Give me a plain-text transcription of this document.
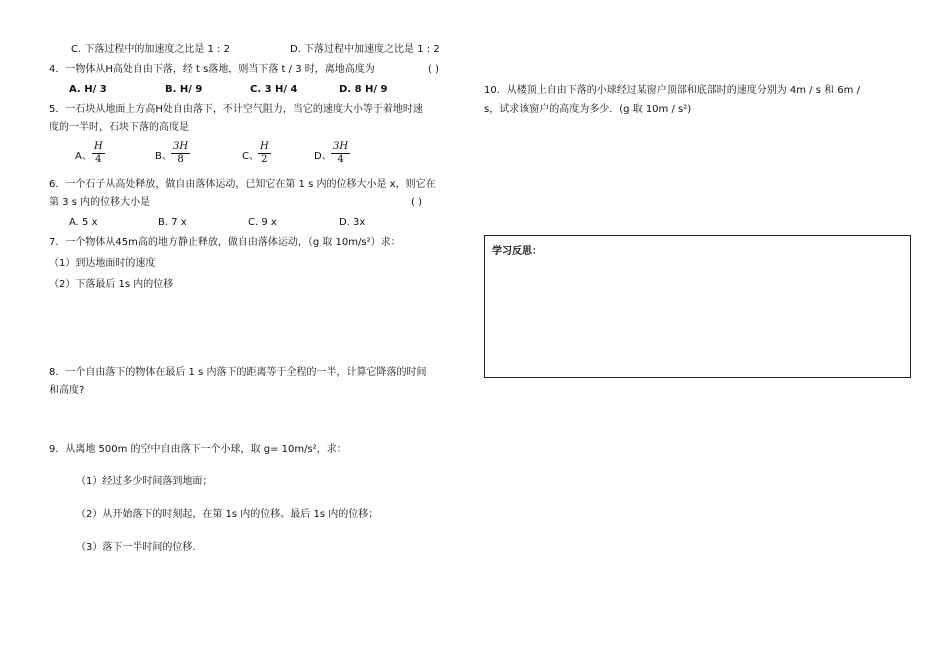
C. 下落过程中的加速度之比是 1 : 2	D. 下落过程中加速度之比是 1 : 2
4．一物体从H高处自由下落，经 t s落地，则当下落 t / 3 时，离地高度为	( )
A. H/ 3	B. H/ 9	C. 3 H/ 4	D. 8 H/ 9
5．一石块从地面上方高H处自由落下，不计空气阻力，当它的速度大小等于着地时速
度的一半时，石块下落的高度是
A、 $\frac{H}{4}$	B、 $\frac{3H}{8}$	C、 $\frac{H}{2}$	D、 $\frac{3H}{4}$
6．一个石子从高处释放，做自由落体运动，已知它在第 1 s 内的位移大小是 x，则它在
第 3 s 内的位移大小是	( )
A. 5 x	B. 7 x	C. 9 x	D. 3x
7．一个物体从45m高的地方静止释放，做自由落体运动，（g 取 10m/s²）求：
（1）到达地面时的速度
（2）下落最后 1s 内的位移
8．一个自由落下的物体在最后 1 s 内落下的距离等于全程的一半，计算它降落的时间
和高度?
9．从离地 500m 的空中自由落下一个小球，取 g= 10m/s²，求：
（1）经过多少时间落到地面；
（2）从开始落下的时刻起，在第 1s 内的位移、最后 1s 内的位移；
（3）落下一半时间的位移.
10．从楼顶上自由下落的小球经过某窗户顶部和底部时的速度分别为 4m / s 和 6m /
s，试求该窗户的高度为多少．(g 取 10m / s²)
学习反思：
